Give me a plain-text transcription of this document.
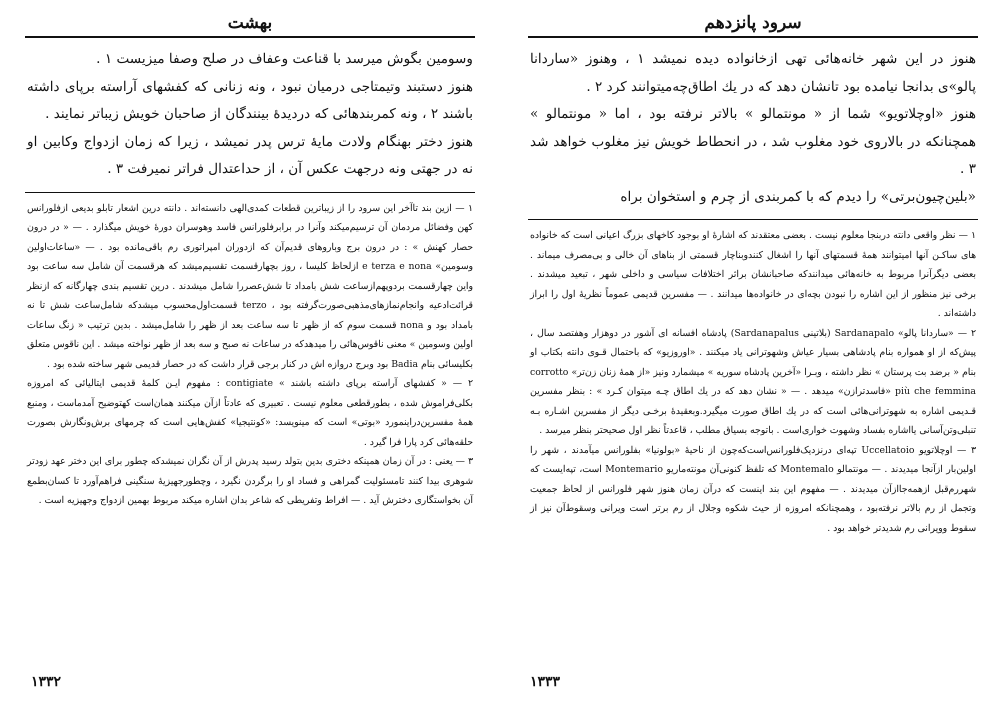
بهشت

وسومین بگوش میرسد با قناعت وعفاف در صلح وصفا میزیست ۱ .

هنوز دستبند وتیمتاجی درمیان نبود ، ونه زنانی که کفشهای آراسته برپای داشته باشند ۲ ، ونه کمربندهائی که دردیدهٔ بینندگان از صاحبان خویش زیباتر نمایند .

هنوز دختر بهنگام ولادت مایهٔ ترس پدر نمیشد ، زیرا که زمان ازدواج وکابین او نه در جهتی ونه درجهت عکس آن ، از حداعتدال فراتر نمیرفت ۳ .

۱ — ازین بند تاآخر این سرود را از زیباترین قطعات کمدی‌الهی دانسته‌اند . دانته درین اشعار تابلو بدیعی ازفلورانس کهن وفضائل مردمان آن ترسیم‌میکند وآنرا در برابرفلورانس فاسد وهوسران دورهٔ خویش میگذارد . — « در درون حصار کهنش » : در درون برج وباروهای قدیم‌آن که ازدوران امپراتوری رم باقی‌مانده بود . — «ساعات‌اولین وسومین» e terza e nona ازلحاظ کلیسا ، روز بچهارقسمت تقسیم‌میشد که هرقسمت آن شامل سه ساعت بود واین چهارقسمت بردوپهم‌ازساعت شش بامداد تا شش‌عصررا شامل میشدند . درین تقسیم بندی چهارگانه که ازنظر قرائت‌ادعیه وانجام‌نمازهای‌مذهبی‌صورت‌گرفته بود ، terzo قسمت‌اول‌محسوب میشدکه شامل‌ساعت شش تا نه بامداد بود و nona قسمت سوم که از ظهر تا سه ساعت بعد از ظهر را شامل‌میشد . بدین ترتیب « زنگ ساعات اولین وسومین » معنی ناقوس‌هائی را میدهدکه در ساعات نه صبح و سه بعد از ظهر نواخته میشد . این ناقوس متعلق بکلیسائی بنام Badia بود وبرج‌ دروازه‌ اش در کنار برجی قرار داشت که در حصار قدیمی شهر ساخته شده بود .

۲ — « کفشهای آراسته برپای داشته باشند » contigiate : مفهوم ایـن کلمهٔ قدیمی ایتالیائی که امروزه بکلی‌فراموش شده ، بطورقطعی معلوم نیست . تعبیری که عادتاً ازآن میکنند همان‌است کهتوضیح آمدماست ، ومنبع همهٔ مفسرین‌دراینمورد «بوتی» است که مینویسد: «کونتیجیا» کفش‌هایی است که چرمهای برش‌ونگارش بصورت حلقه‌هائی کرد پارا فرا گیرد .

۳ — یعنی : در آن زمان همینکه دختری بدین بتولد رسید پدرش از آن نگران نمیشدکه چطور برای این دختر عهد زودتر شوهری بیدا کنند تامسئولیت گمراهی و فساد او را برگردن نگیرد ، وچطورجهیزیهٔ سنگینی فراهم‌آورد تا کسان‌بطمع آن بخواستگاری دخترش آید . — افراط وتفریطی که شاعر بدان اشاره میکند مربوط بهمین ازدواج وجهیزیه است .

۱۳۳۲
سرود پانزدهم

هنوز در این شهر خانه‌هائی تهی ازخانواده دیده نمیشد ۱ ، وهنوز «ساردانا پالو»ی بدانجا نیامده بود تانشان دهد که در یك اطاق‌چه‌میتوانند کرد ۲ .

هنوز «اوچلاتویو» شما از « مونتمالو » بالاتر نرفته بود ، اما « مونتمالو » همچنانکه در بالاروی خود مغلوب شد ، در انحطاط خویش نیز مغلوب خواهد شد ۳ .

«بلین‌چیون‌برتی» را دیدم که با کمربندی از چرم و استخوان براه

۱ — نظر واقعی دانته دربنجا معلوم نیست . بعضی معتقدند که اشارهٔ او بوجود کاخهای بزرگ اعیانی است که خانواده های ساکـن آنها امیتوانند همهٔ قسمتهای آنها را اشغال کنندوبناچار قسمتی از بناهای آن خالی و بی‌مصرف میماند . بعضی دیگرآنرا مربوط به خانه‌هائی میدانندکه صاحبانشان براثر اختلافات سیاسی و داخلی شهر ، تبعید میشدند . برخی نیز منظور از این اشاره را نبودن بچه‌ای در خانواده‌ها میدانند . — مفسرین قدیمی عموماً نظریهٔ اول را ابراز داشته‌اند .

۲ — «ساردانا پالو» Sardanapalo (بلاتینی Sardanapalus) پادشاه افسانه ای آشور در دوهزار وهفتصد سال ، پیش‌که از او همواره بنام پادشاهی بسیار عیاش وشهوترانی یاد میکنند . «اوروزیو» که باحتمال قـوی دانته بکتاب او بنام « برضد بت پرستان » نظر داشته ، وبـرا «آخرین پادشاه سوریه » میشمارد ونیز «از همهٔ زنان زن‌تر» corrotto più che femmina «فاسدترازن» میدهد . — « نشان دهد که در یك اطاق چـه میتوان کـرد » : بنظر مفسرین قـدیمی اشاره به شهوترانی‌هائی است که در یك اطاق صورت میگیرد.وبعقیدهٔ برخـی دیگر از مفسرین اشـاره بـه تنبلی‌وتن‌آسانی یااشاره بفساد وشهوت خواری‌است . باتوجه بسیاق مطلب ، قاعدتاً نظر اول صحیحتر بنظر میرسد .

۳ — اوچلاتویو Uccellatoio تپه‌ای درنزدیک‌فلورانس‌است‌که‌چون از ناحیهٔ «بولونیا» بفلورانس میآمدند ، شهر را اولین‌بار ازآنجا میدیدند . — مونتمالو Montemalo که تلفظ کنونی‌آن مونته‌ماریو Montemario است، تپه‌ایست که شهررم‌قبل ازهمه‌جاازآن میدیدند . — مفهوم این بند اینست که درآن زمان هنوز شهر فلورانس از لحاظ جمعیت وتجمل از رم بالاتر نرفته‌بود ، وهمچنانکه امروزه از حیث شکوه وجلال از رم برتر است ویرانی وسقوط‌آن نیز از سقوط وویرانی رم شدیدتر خواهد بود .

۱۳۳۳
